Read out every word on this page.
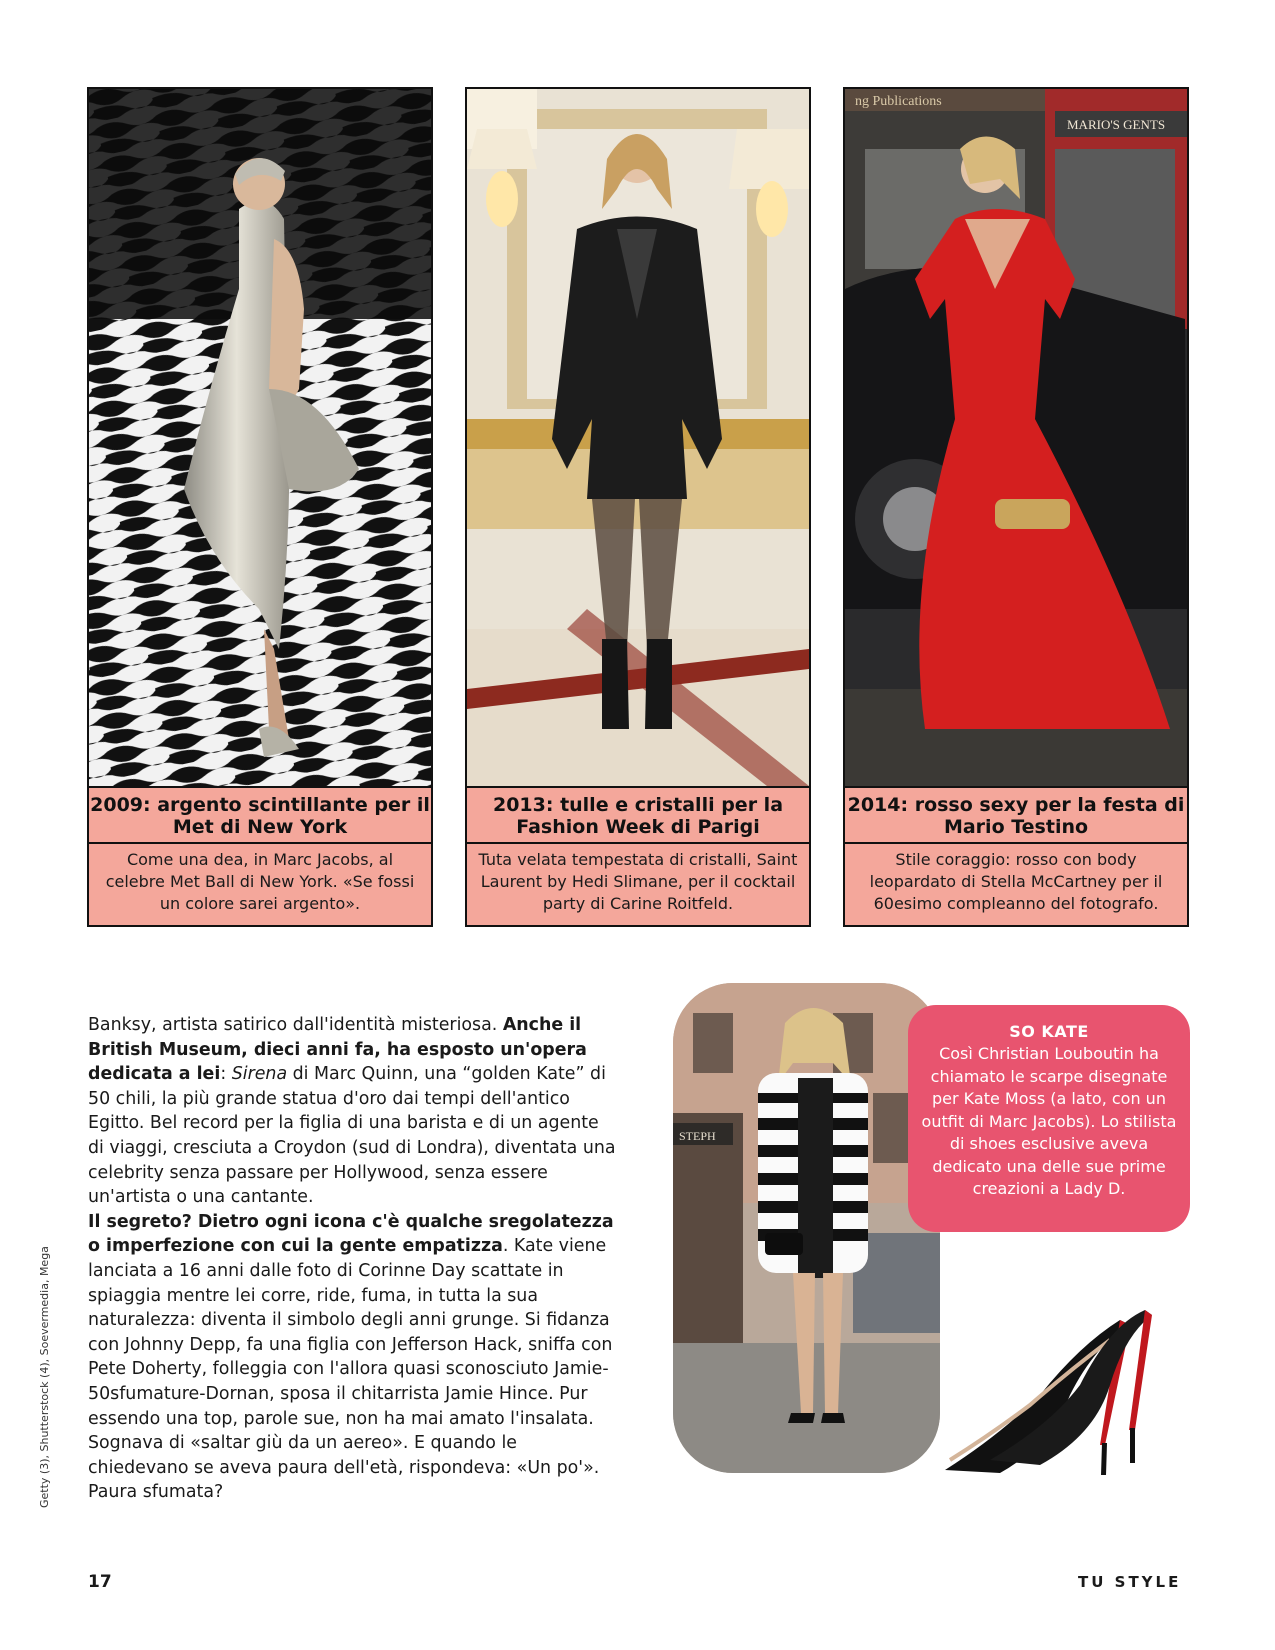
2009: argento scintillante per il Met di New York
Come una dea, in Marc Jacobs, al celebre Met Ball di New York. «Se fossi un colore sarei argento».
2013: tulle e cristalli per la Fashion Week di Parigi
Tuta velata tempestata di cristalli, Saint Laurent by Hedi Slimane, per il cocktail party di Carine Roitfeld.
ng Publications
MARIO'S GENTS
2014: rosso sexy per la festa di Mario Testino
Stile coraggio: rosso con body leopardato di Stella McCartney per il 60esimo compleanno del fotografo.
Banksy, artista satirico dall'identità misteriosa. Anche il British Museum, dieci anni fa, ha esposto un'opera dedicata a lei: Sirena di Marc Quinn, una “golden Kate” di 50 chili, la più grande statua d'oro dai tempi dell'antico Egitto. Bel record per la figlia di una barista e di un agente di viaggi, cresciuta a Croydon (sud di Londra), diventata una celebrity senza passare per Hollywood, senza essere un'artista o una cantante.
Il segreto? Dietro ogni icona c'è qualche sregolatezza o imperfezione con cui la gente empatizza. Kate viene lanciata a 16 anni dalle foto di Corinne Day scattate in spiaggia mentre lei corre, ride, fuma, in tutta la sua naturalezza: diventa il simbolo degli anni grunge. Si fidanza con Johnny Depp, fa una figlia con Jefferson Hack, sniffa con Pete Doherty, folleggia con l'allora quasi sconosciuto Jamie-50sfumature-Dornan, sposa il chitarrista Jamie Hince. Pur essendo una top, parole sue, non ha mai amato l'insalata. Sognava di «saltar giù da un aereo». E quando le chiedevano se aveva paura dell'età, rispondeva: «Un po'». Paura sfumata?
Getty (3), Shutterstock (4), Soevermedia, Mega
STEPH
SO KATE
Così Christian Louboutin ha chiamato le scarpe disegnate per Kate Moss (a lato, con un outfit di Marc Jacobs). Lo stilista di shoes esclusive aveva dedicato una delle sue prime creazioni a Lady D.
17	TU STYLE
